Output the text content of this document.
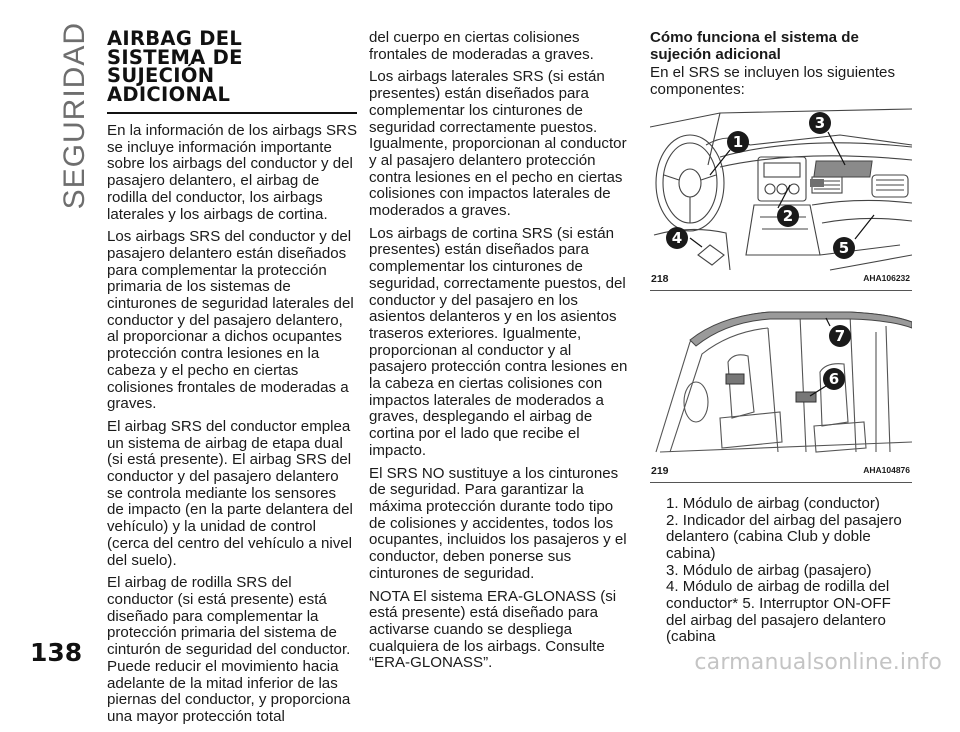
SEGURIDAD
138	carmanualsonline.info
AIRBAG DEL
SISTEMA DE
SUJECIÓN
ADICIONAL

En la información de los airbags SRS se incluye información importante sobre los airbags del conductor y del pasajero delantero, el airbag de rodilla del conductor, los airbags laterales y los airbags de cortina.

Los airbags SRS del conductor y del pasajero delantero están diseñados para complementar la protección primaria de los sistemas de cinturones de seguridad laterales del conductor y del pasajero delantero, al proporcionar a dichos ocupantes protección contra lesiones en la cabeza y el pecho en ciertas colisiones frontales de moderadas a graves.

El airbag SRS del conductor emplea un sistema de airbag de etapa dual (si está presente). El airbag SRS del conductor y del pasajero delantero se controla mediante los sensores de impacto (en la parte delantera del vehículo) y la unidad de control (cerca del centro del vehículo a nivel del suelo).

El airbag de rodilla SRS del conductor (si está presente) está diseñado para complementar la protección primaria del sistema de cinturón de seguridad del conductor. Puede reducir el movimiento hacia adelante de la mitad inferior de las piernas del conductor, y proporciona una mayor protección total

del cuerpo en ciertas colisiones frontales de moderadas a graves.

Los airbags laterales SRS (si están presentes) están diseñados para complementar los cinturones de seguridad correctamente puestos. Igualmente, proporcionan al conductor y al pasajero delantero protección contra lesiones en el pecho en ciertas colisiones con impactos laterales de moderados a graves.

Los airbags de cortina SRS (si están presentes) están diseñados para complementar los cinturones de seguridad, correctamente puestos, del conductor y del pasajero en los asientos delanteros y en los asientos traseros exteriores. Igualmente, proporcionan al conductor y al pasajero protección contra lesiones en la cabeza en ciertas colisiones con impactos laterales de moderados a graves, desplegando el airbag de cortina por el lado que recibe el impacto.

El SRS NO sustituye a los cinturones de seguridad. Para garantizar la máxima protección durante todo tipo de colisiones y accidentes, todos los ocupantes, incluidos los pasajeros y el conductor, deben ponerse sus cinturones de seguridad.

NOTA El sistema ERA-GLONASS (si está presente) está diseñado para activarse cuando se despliega cualquiera de los airbags. Consulte “ERA-GLONASS”.

Cómo funciona el sistema de
sujeción adicional

En el SRS se incluyen los siguientes componentes:

1
3
2
4
5
218	AHA106232
7
6
219	AHA104876
1. Módulo de airbag (conductor)
2. Indicador del airbag del pasajero delantero (cabina Club y doble cabina)
3. Módulo de airbag (pasajero)
4. Módulo de airbag de rodilla del conductor* 5. Interruptor ON-OFF del airbag del pasajero delantero (cabina
